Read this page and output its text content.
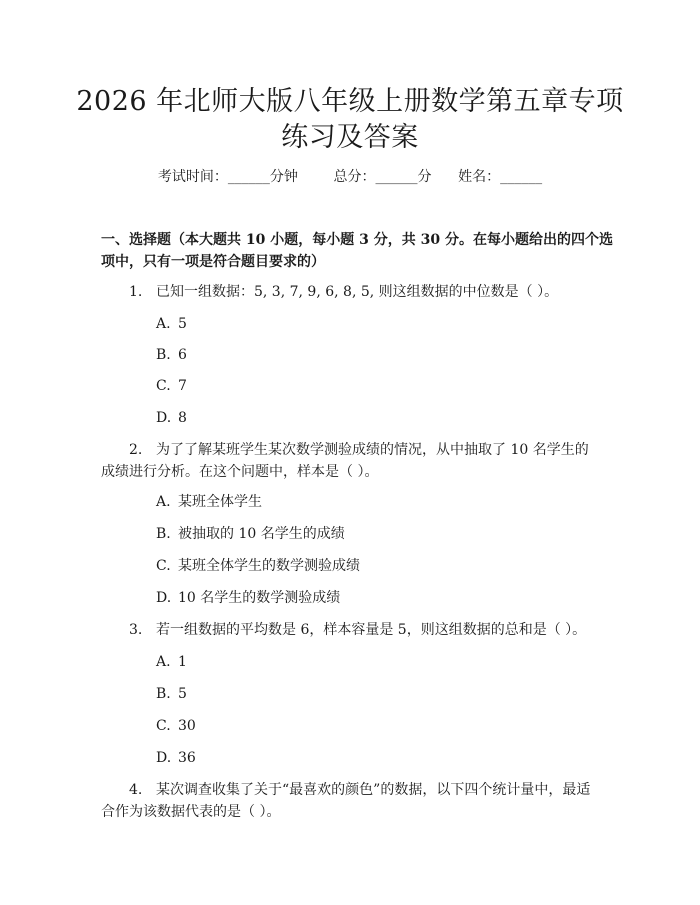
2026 年北师大版八年级上册数学第五章专项
练习及答案
考试时间：______分钟	总分：______分 姓名：______
一、选择题（本大题共 10 小题，每小题 3 分，共 30 分。在每小题给出的四个选项中，只有一项是符合题目要求的）
1. 已知一组数据：5, 3, 7, 9, 6, 8, 5, 则这组数据的中位数是（ ）。
A. 5
B. 6
C. 7
D. 8
2. 为了了解某班学生某次数学测验成绩的情况，从中抽取了 10 名学生的成绩进行分析。在这个问题中，样本是（ ）。
A. 某班全体学生
B. 被抽取的 10 名学生的成绩
C. 某班全体学生的数学测验成绩
D. 10 名学生的数学测验成绩
3. 若一组数据的平均数是 6，样本容量是 5，则这组数据的总和是（ ）。
A. 1
B. 5
C. 30
D. 36
4. 某次调查收集了关于“最喜欢的颜色”的数据，以下四个统计量中，最适合作为该数据代表的是（ ）。
